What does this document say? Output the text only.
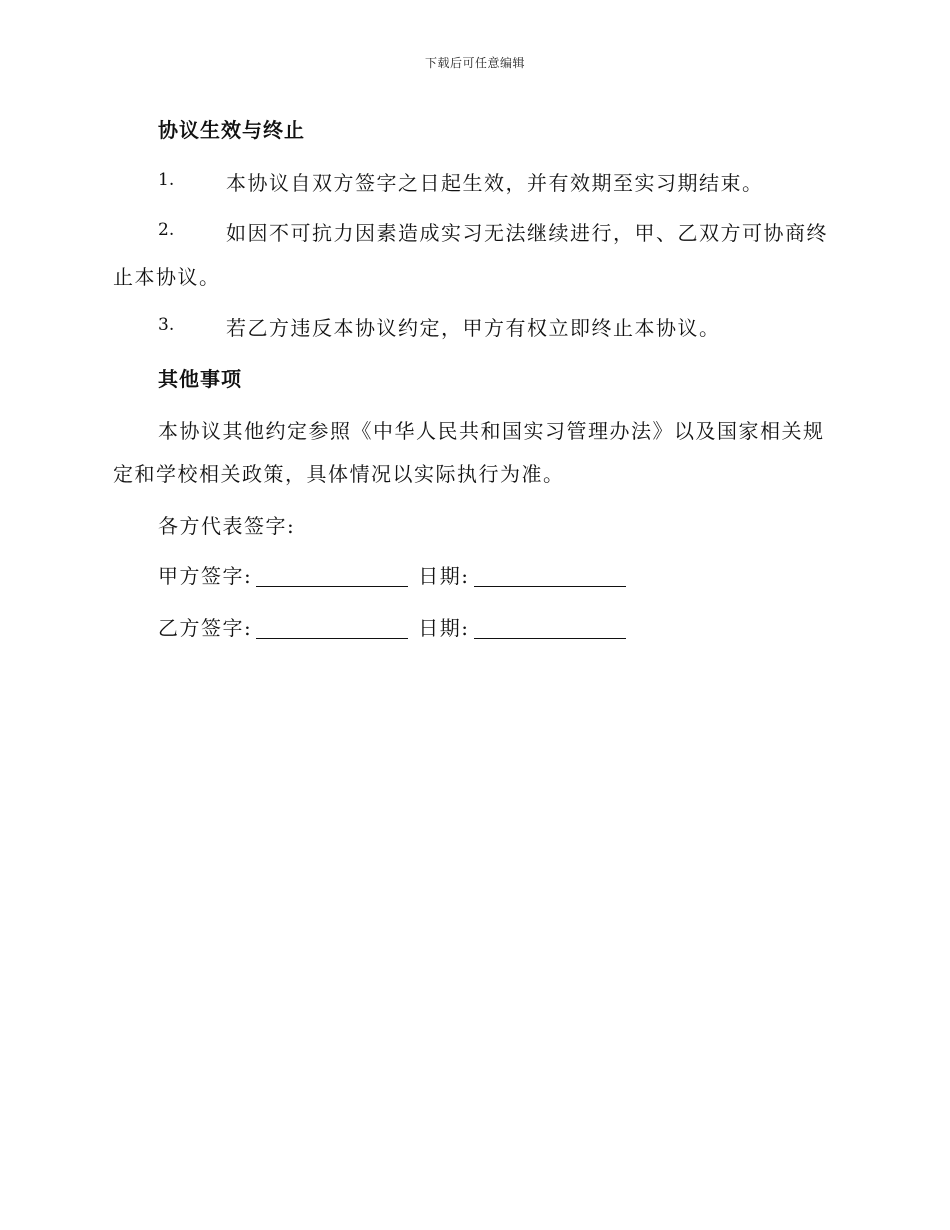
下载后可任意编辑
协议生效与终止
1.	本协议自双方签字之日起生效，并有效期至实习期结束。
2.	如因不可抗力因素造成实习无法继续进行，甲、乙双方可协商终
止本协议。
3.	若乙方违反本协议约定，甲方有权立即终止本协议。
其他事项
本协议其他约定参照《中华人民共和国实习管理办法》以及国家相关规
定和学校相关政策，具体情况以实际执行为准。
各方代表签字:
甲方签字:	日期:
乙方签字:	日期:
